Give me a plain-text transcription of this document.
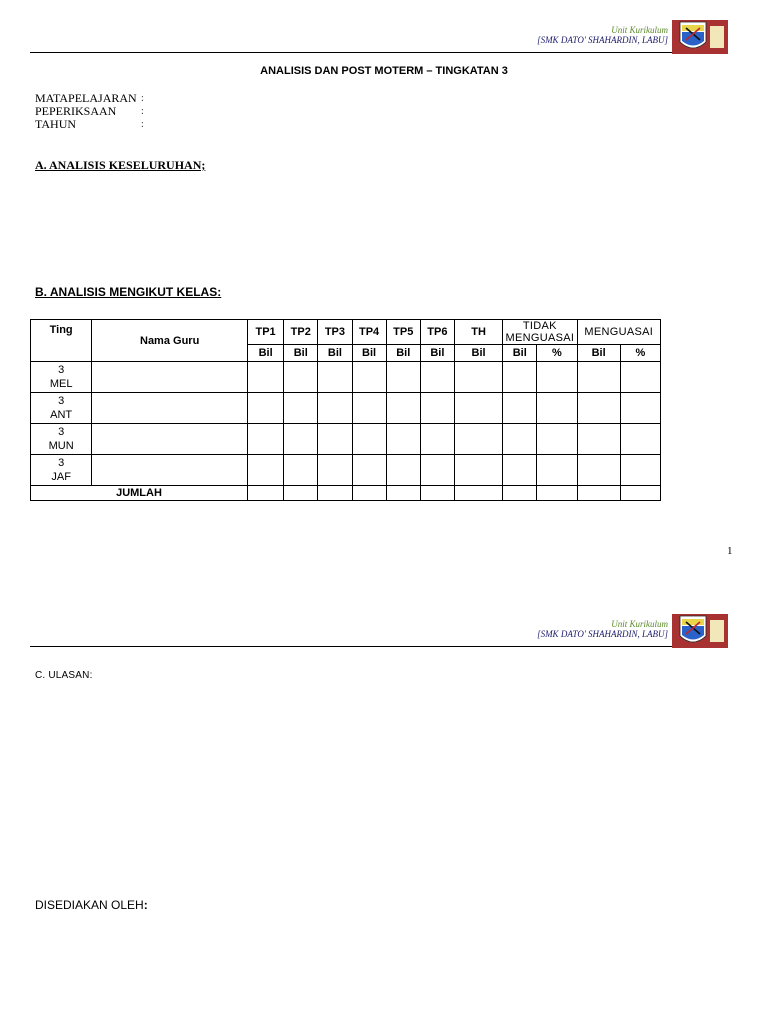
Unit Kurikulum
[SMK DATO' SHAHARDIN, LABU]
ANALISIS DAN POST MOTERM – TINGKATAN 3
MATAPELAJARAN :
PEPERIKSAAN	:
TAHUN	:
A. ANALISIS KESELURUHAN;
B. ANALISIS MENGIKUT KELAS:
Ting	Nama Guru	TP1	TP2	TP3	TP4	TP5	TP6	TH	TIDAK MENGUASAI		MENGUASAI	
		Bil	Bil	Bil	Bil	Bil	Bil	Bil	Bil	%	Bil	%

3
MEL												

3
ANT												

3
MUN												

3
JAF												

JUMLAH												
1
Unit Kurikulum
[SMK DATO' SHAHARDIN, LABU]
C. ULASAN:
DISEDIAKAN OLEH:
